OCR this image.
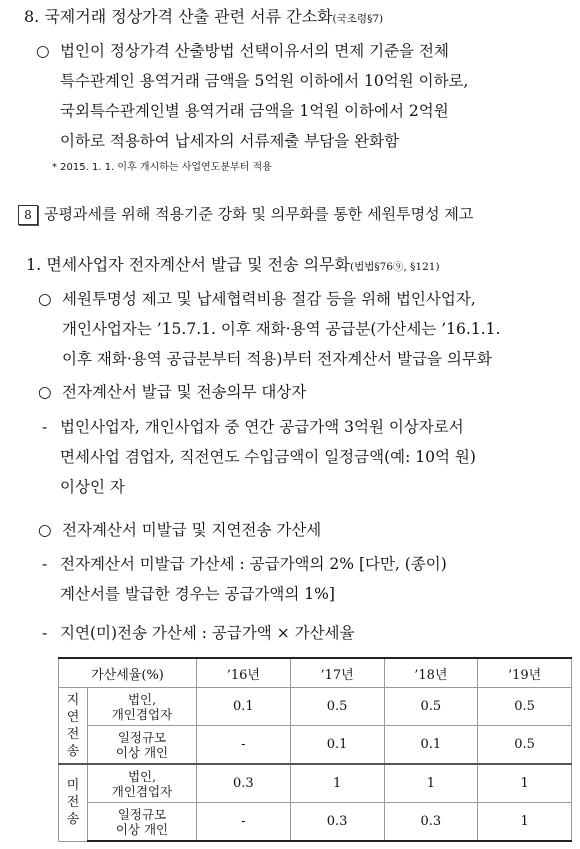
8. 국제거래 정상가격 산출 관련 서류 간소화(국조령§7)
○ 법인이 정상가격 산출방법 선택이유서의 면제 기준을 전체
특수관계인 용역거래 금액을 5억원 이하에서 10억원 이하로,
국외특수관계인별 용역거래 금액을 1억원 이하에서 2억원
이하로 적용하여 납세자의 서류제출 부담을 완화함
* 2015. 1. 1. 이후 개시하는 사업연도분부터 적용
8 공평과세를 위해 적용기준 강화 및 의무화를 통한 세원투명성 제고
1. 면세사업자 전자계산서 발급 및 전송 의무화(법법§76⑨, §121)
○ 세원투명성 제고 및 납세협력비용 절감 등을 위해 법인사업자,
개인사업자는 ’15.7.1. 이후 재화·용역 공급분(가산세는 ’16.1.1.
이후 재화·용역 공급분부터 적용)부터 전자계산서 발급을 의무화
○ 전자계산서 발급 및 전송의무 대상자
- 법인사업자, 개인사업자 중 연간 공급가액 3억원 이상자로서
면세사업 겸업자, 직전연도 수입금액이 일정금액(예: 10억 원)
이상인 자
○ 전자계산서 미발급 및 지연전송 가산세
- 전자계산서 미발급 가산세 : 공급가액의 2% [다만, (종이)
계산서를 발급한 경우는 공급가액의 1%]
- 지연(미)전송 가산세 : 공급가액 × 가산세율
가산세율(%)		’16년	’17년	’18년	’19년
지
연
전
송	법인,
개인겸업자	0.1	0.5	0.5	0.5
	일정규모
이상 개인	-	0.1	0.1	0.5
미
전
송	법인,
개인겸업자	0.3	1	1	1
	일정규모
이상 개인	-	0.3	0.3	1
